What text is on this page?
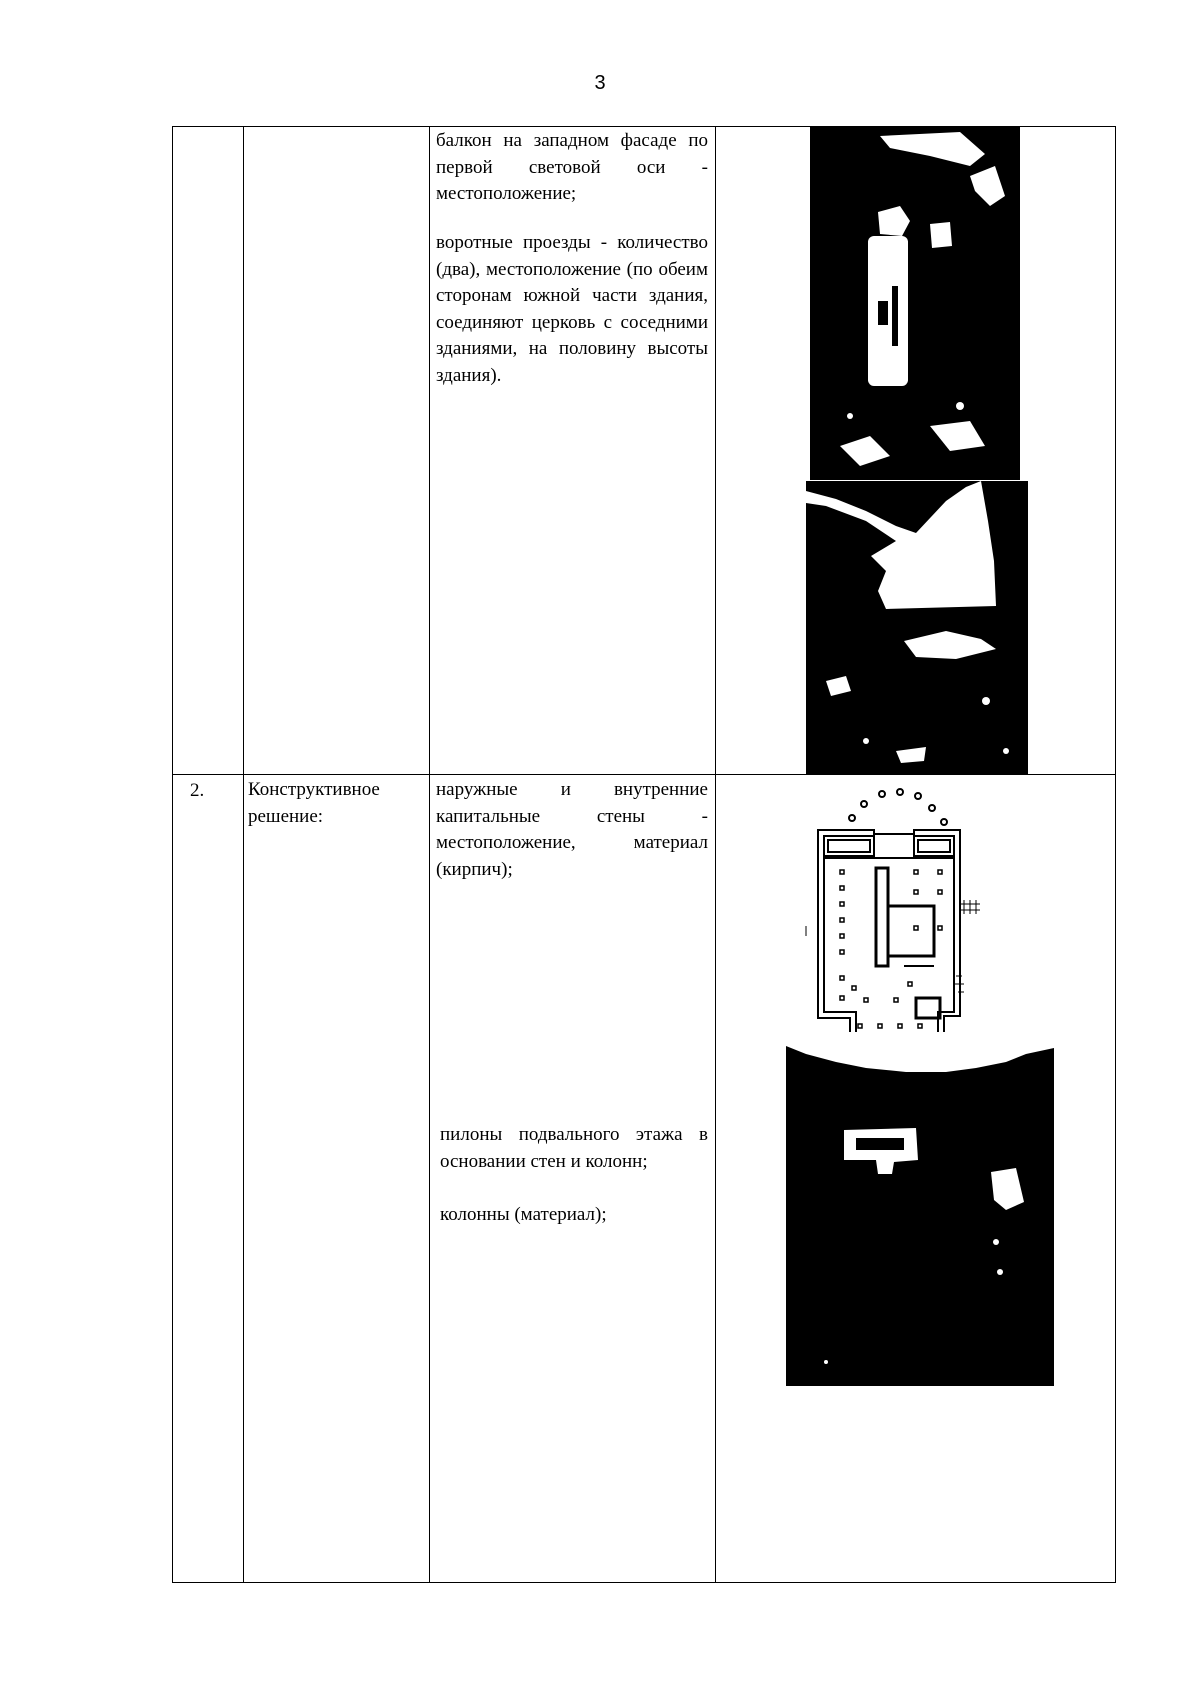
3
балкон на западном фасаде по первой световой оси - местоположение;
воротные проезды - количество (два), местоположение (по обеим сторонам южной части здания, соединяют церковь с соседними зданиями, на половину высоты здания).
2. Конструктивное решение:
наружные и внутренние капитальные стены - местоположение, материал (кирпич);
пилоны подвального этажа в основании стен и колонн;
колонны (материал);
